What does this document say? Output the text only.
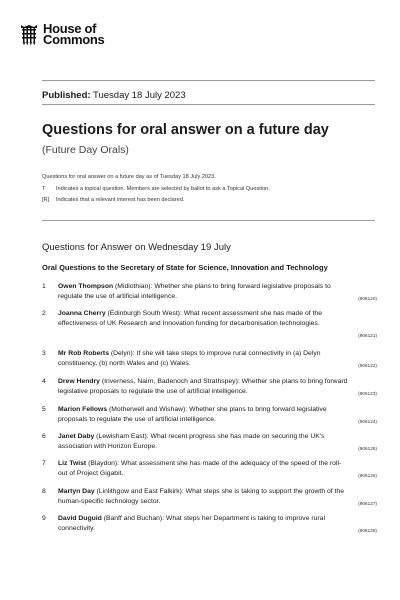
House of
Commons
Published: Tuesday 18 July 2023
Questions for oral answer on a future day
(Future Day Orals)
Questions for oral answer on a future day as of Tuesday 18 July 2023.
T	Indicates a topical question. Members are selected by ballot to ask a Topical Question.
[R]	Indicates that a relevant interest has been declared.
Questions for Answer on Wednesday 19 July
Oral Questions to the Secretary of State for Science, Innovation and Technology
1 Owen Thompson (Midlothian): Whether she plans to bring forward legislative proposals to regulate the use of artificial intelligence.	(906120)
2 Joanna Cherry (Edinburgh South West): What recent assessment she has made of the effectiveness of UK Research and Innovation funding for decarbonisation technologies.
(906121)
3 Mr Rob Roberts (Delyn): If she will take steps to improve rural connectivity in (a) Delyn constituency, (b) north Wales and (c) Wales.	(906122)
4 Drew Hendry (Inverness, Nairn, Badenoch and Strathspey): Whether she plans to bring forward legislative proposals to regulate the use of artificial intelligence.	(906123)
5 Marion Fellows (Motherwell and Wishaw): Whether she plans to bring forward legislative proposals to regulate the use of artificial intelligence.	(906124)
6 Janet Daby (Lewisham East): What recent progress she has made on securing the UK's association with Horizon Europe.	(906125)
7 Liz Twist (Blaydon): What assessment she has made of the adequacy of the speed of the roll-out of Project Gigabit.	(906126)
8 Martyn Day (Linlithgow and East Falkirk): What steps she is taking to support the growth of the human-specific technology sector.	(906127)
9 David Duguid (Banff and Buchan): What steps her Department is taking to improve rural connectivity.	(906128)
